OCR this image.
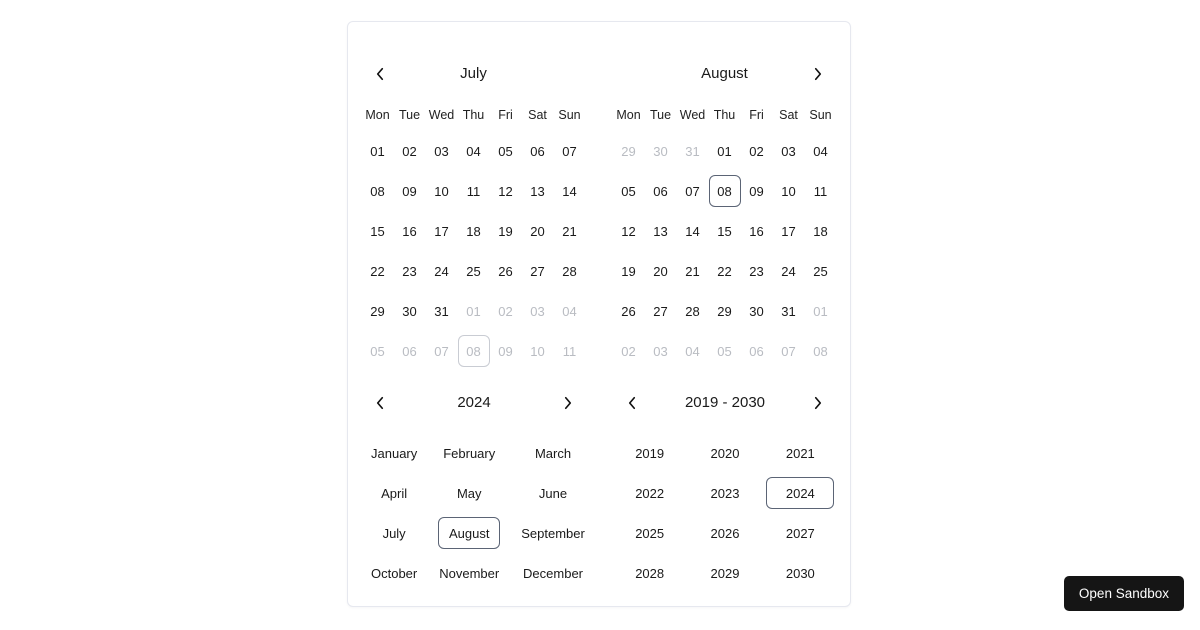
July
Mon Tue Wed Thu	Fri	Sat Sun
01	02	03	04	05	06	07
08	09	10	11	12	13	14
15	16	17	18	19	20	21
22	23	24	25	26	27	28
29	30	31	01	02	03	04
05	06	07	08	09	10	11
August
Mon Tue Wed Thu	Fri	Sat Sun
29	30	31	01	02	03	04
05	06	07	08	09	10	11
12	13	14	15	16	17	18
19	20	21	22	23	24	25
26	27	28	29	30	31	01
02	03	04	05	06	07	08
2024
January	February	March
April	May	June
July	August	September
October	November	December
2019 - 2030
2019	2020	2021
2022	2023	2024
2025	2026	2027
2028	2029	2030
Open Sandbox
